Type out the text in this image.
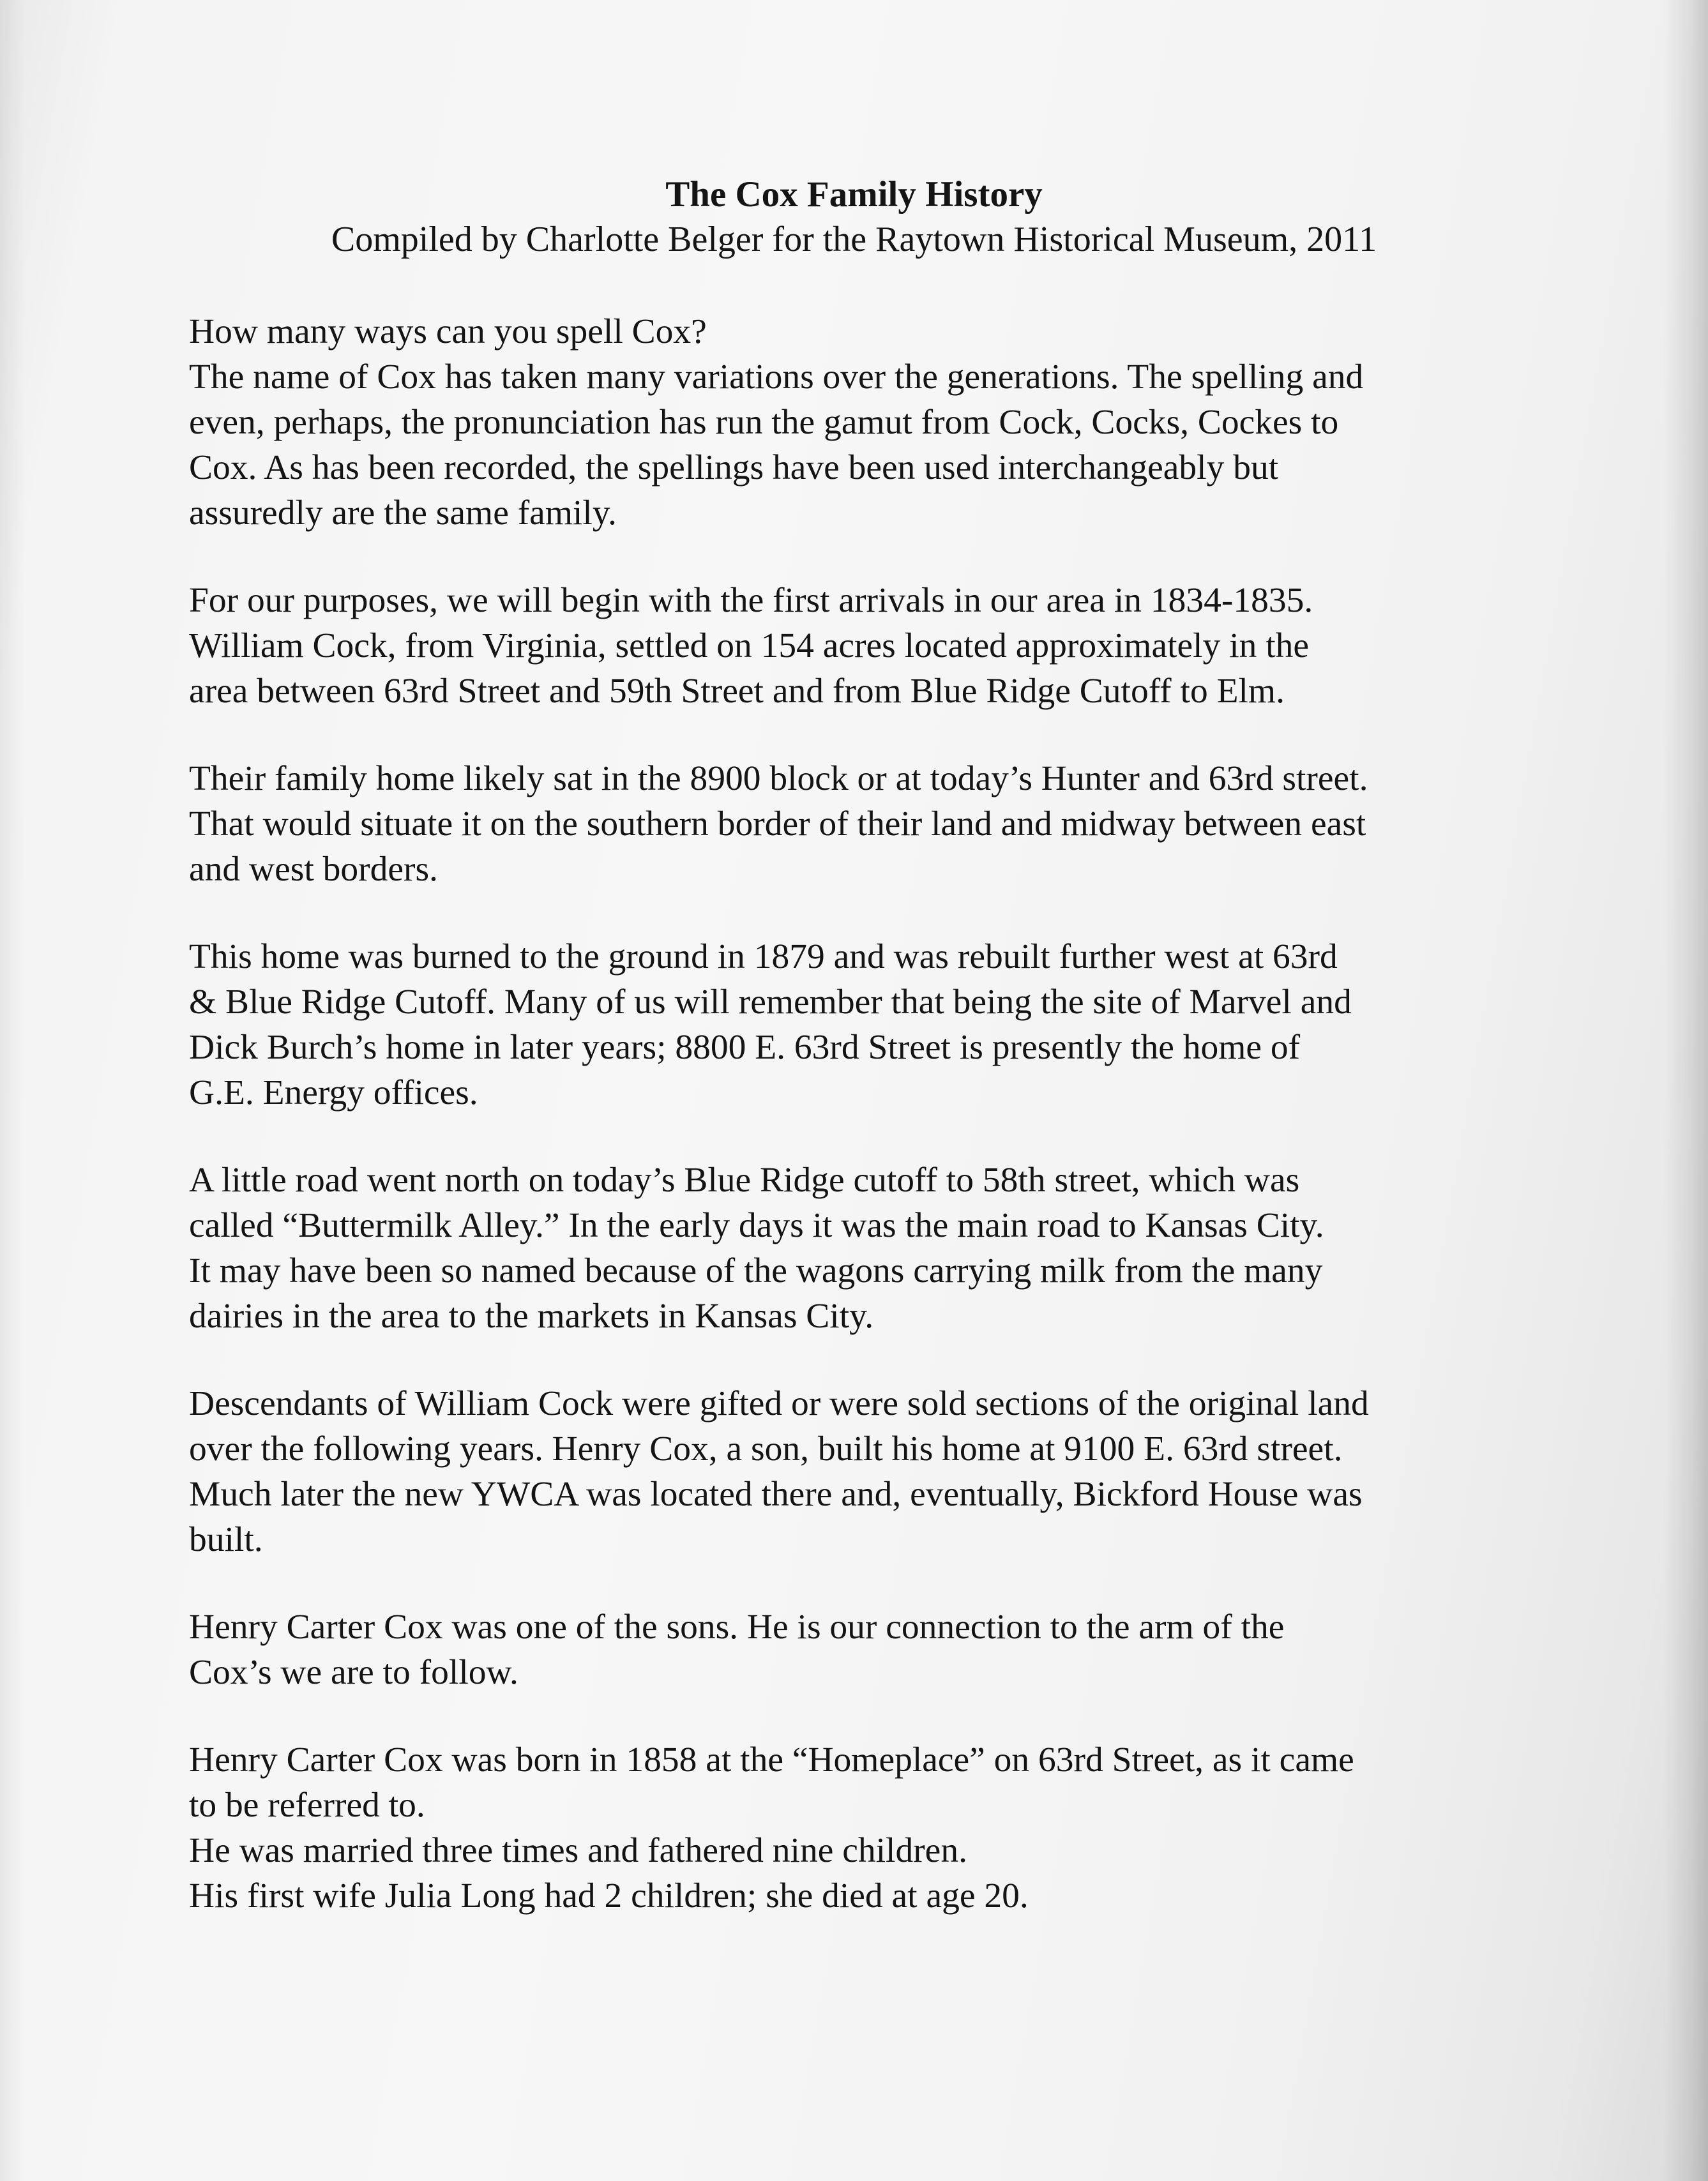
The Cox Family History

Compiled by Charlotte Belger for the Raytown Historical Museum, 2011

How many ways can you spell Cox?
The name of Cox has taken many variations over the generations. The spelling and
even, perhaps, the pronunciation has run the gamut from Cock, Cocks, Cockes to
Cox. As has been recorded, the spellings have been used interchangeably but
assuredly are the same family.

For our purposes, we will begin with the first arrivals in our area in 1834-1835.
William Cock, from Virginia, settled on 154 acres located approximately in the
area between 63rd Street and 59th Street and from Blue Ridge Cutoff to Elm.

Their family home likely sat in the 8900 block or at today’s Hunter and 63rd street.
That would situate it on the southern border of their land and midway between east
and west borders.

This home was burned to the ground in 1879 and was rebuilt further west at 63rd
& Blue Ridge Cutoff. Many of us will remember that being the site of Marvel and
Dick Burch’s home in later years; 8800 E. 63rd Street is presently the home of
G.E. Energy offices.

A little road went north on today’s Blue Ridge cutoff to 58th street, which was
called “Buttermilk Alley.” In the early days it was the main road to Kansas City.
It may have been so named because of the wagons carrying milk from the many
dairies in the area to the markets in Kansas City.

Descendants of William Cock were gifted or were sold sections of the original land
over the following years. Henry Cox, a son, built his home at 9100 E. 63rd street.
Much later the new YWCA was located there and, eventually, Bickford House was
built.

Henry Carter Cox was one of the sons. He is our connection to the arm of the
Cox’s we are to follow.

Henry Carter Cox was born in 1858 at the “Homeplace” on 63rd Street, as it came
to be referred to.
He was married three times and fathered nine children.
His first wife Julia Long had 2 children; she died at age 20.
